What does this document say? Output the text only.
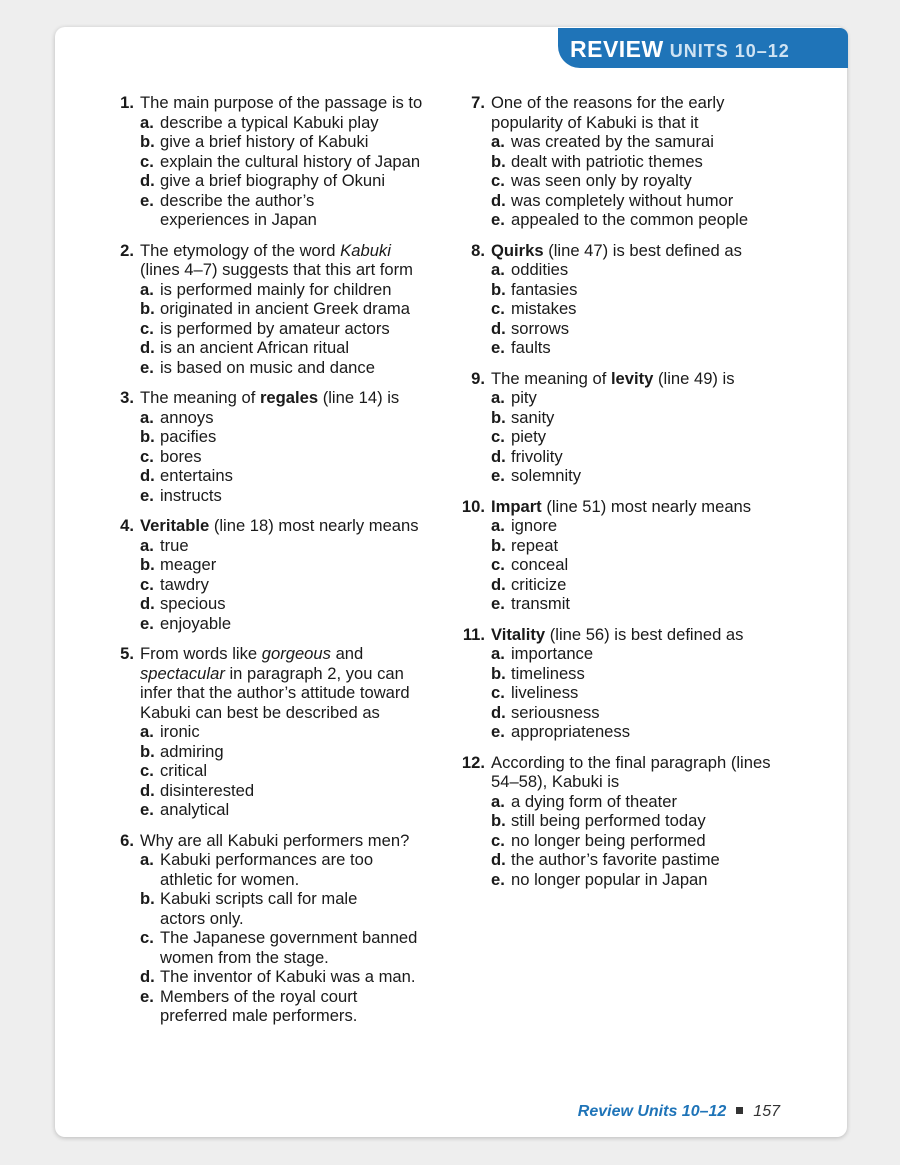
REVIEW UNITS 10–12
1. The main purpose of the passage is to
a. describe a typical Kabuki play
b. give a brief history of Kabuki
c. explain the cultural history of Japan
d. give a brief biography of Okuni
e. describe the author’s experiences in Japan
2. The etymology of the word Kabuki (lines 4–7) suggests that this art form
a. is performed mainly for children
b. originated in ancient Greek drama
c. is performed by amateur actors
d. is an ancient African ritual
e. is based on music and dance
3. The meaning of regales (line 14) is
a. annoys
b. pacifies
c. bores
d. entertains
e. instructs
4. Veritable (line 18) most nearly means
a. true
b. meager
c. tawdry
d. specious
e. enjoyable
5. From words like gorgeous and spectacular in paragraph 2, you can infer that the author’s attitude toward Kabuki can best be described as
a. ironic
b. admiring
c. critical
d. disinterested
e. analytical
6. Why are all Kabuki performers men?
a. Kabuki performances are too athletic for women.
b. Kabuki scripts call for male actors only.
c. The Japanese government banned women from the stage.
d. The inventor of Kabuki was a man.
e. Members of the royal court preferred male performers.
7. One of the reasons for the early popularity of Kabuki is that it
a. was created by the samurai
b. dealt with patriotic themes
c. was seen only by royalty
d. was completely without humor
e. appealed to the common people
8. Quirks (line 47) is best defined as
a. oddities
b. fantasies
c. mistakes
d. sorrows
e. faults
9. The meaning of levity (line 49) is
a. pity
b. sanity
c. piety
d. frivolity
e. solemnity
10. Impart (line 51) most nearly means
a. ignore
b. repeat
c. conceal
d. criticize
e. transmit
11. Vitality (line 56) is best defined as
a. importance
b. timeliness
c. liveliness
d. seriousness
e. appropriateness
12. According to the final paragraph (lines 54–58), Kabuki is
a. a dying form of theater
b. still being performed today
c. no longer being performed
d. the author’s favorite pastime
e. no longer popular in Japan
Review Units 10–12 157
